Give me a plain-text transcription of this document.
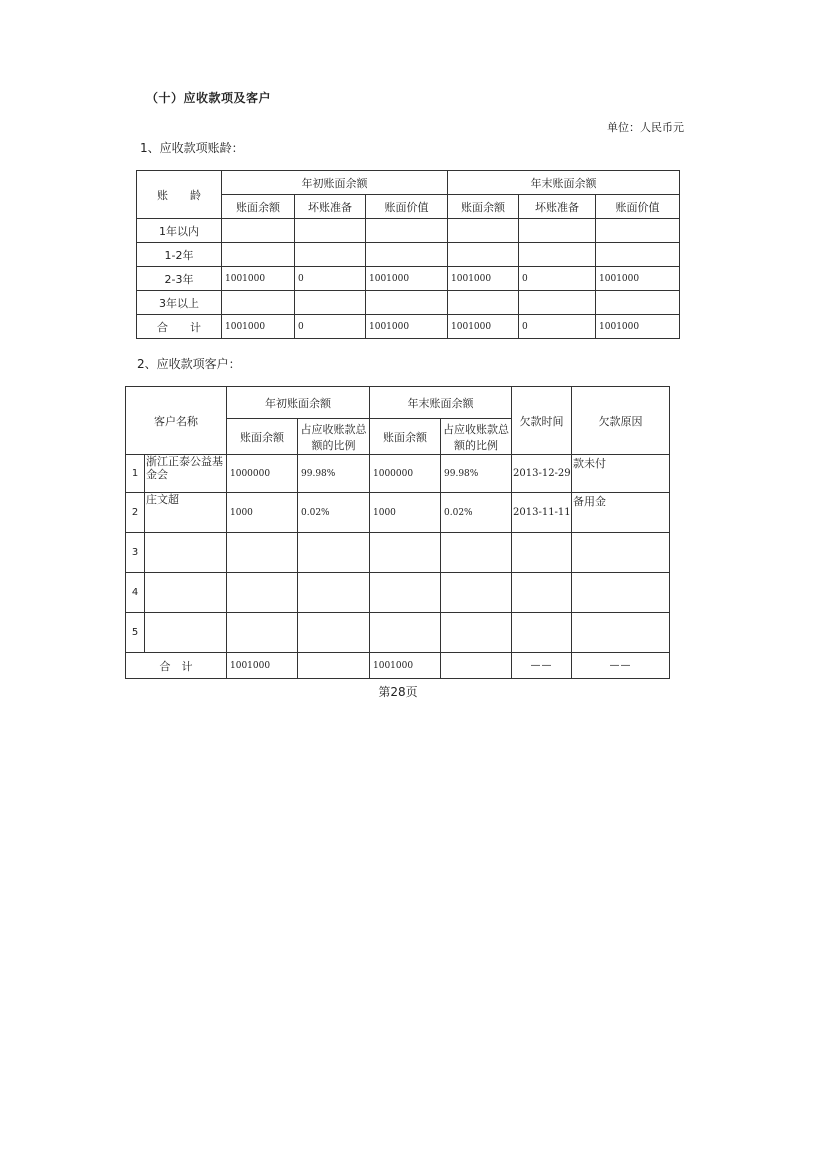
（十）应收款项及客户
单位：人民币元
1、应收款项账龄：
账　　龄	年初账面余额			年末账面余额		
	账面余额	坏账准备	账面价值	账面余额	坏账准备	账面价值
1年以内						
1-2年						
2-3年	1001000	0	1001000	1001000	0	1001000
3年以上						
合　　计	1001000	0	1001000	1001000	0	1001000
2、应收款项客户：
客户名称		年初账面余额		年末账面余额		欠款时间	欠款原因
		账面余额	占应收账款总额的比例	账面余额	占应收账款总额的比例		
1	浙江正泰公益基金会	1000000	99.98%	1000000	99.98%	2013-12-29	款未付
2	庄文超	1000	0.02%	1000	0.02%	2013-11-11	备用金
3							
4							
5							
合　计		1001000		1001000		——	——
第28页
